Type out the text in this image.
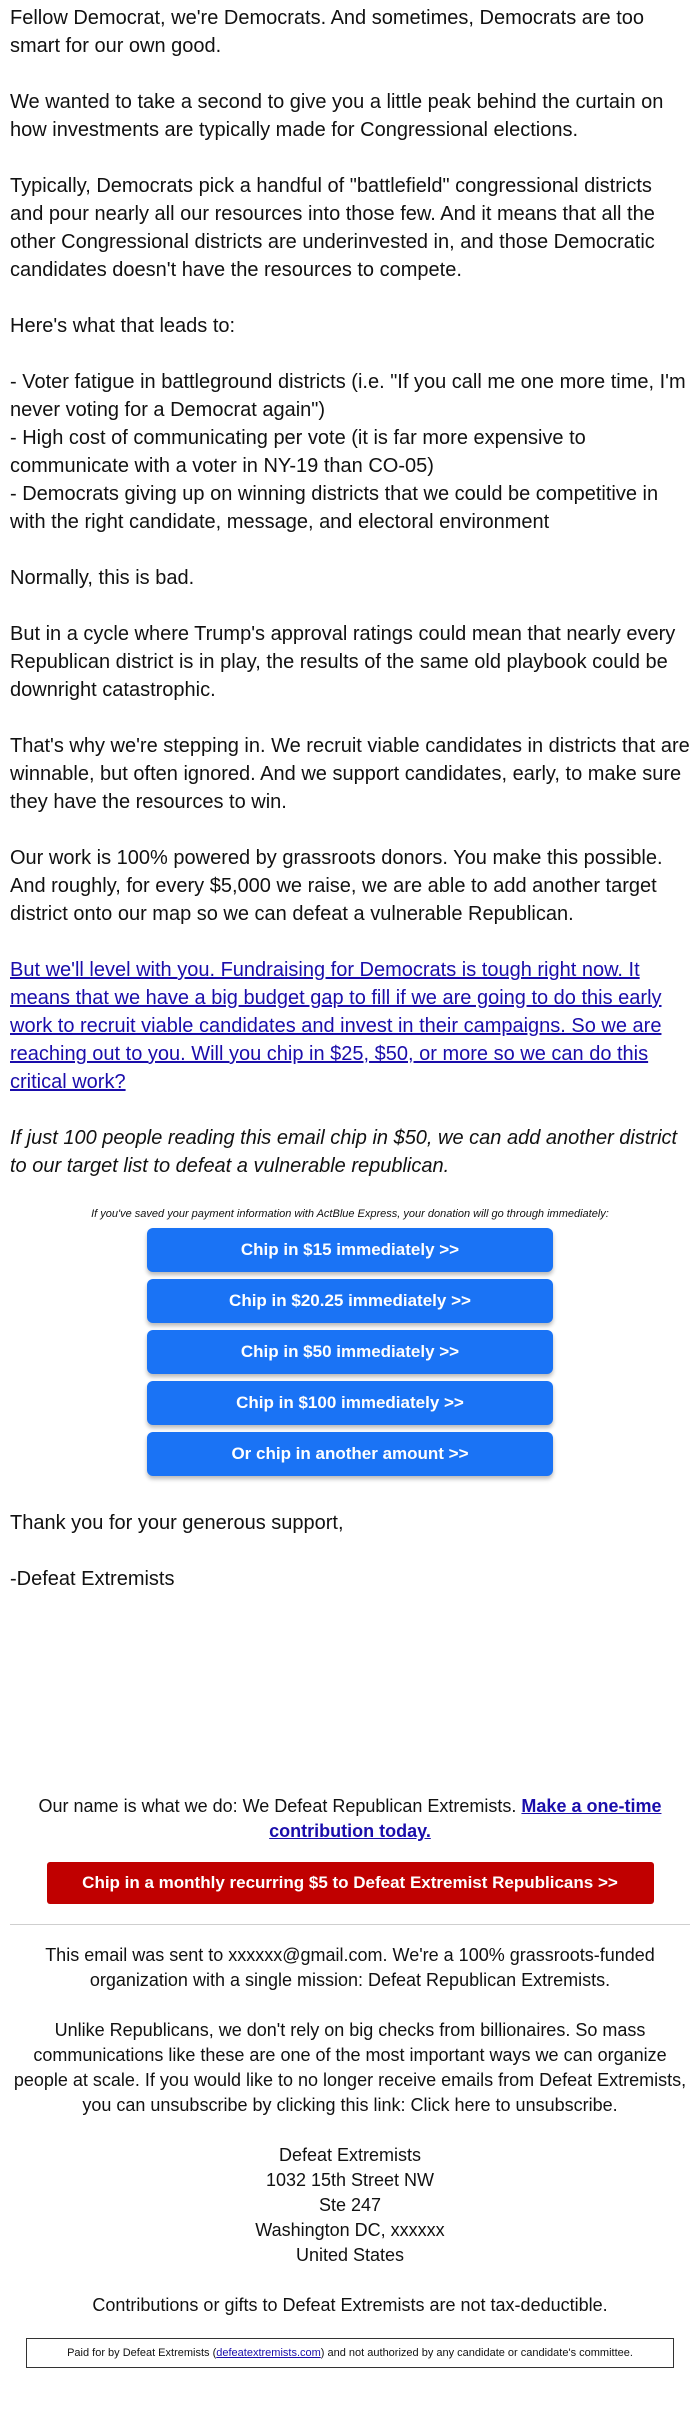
Fellow Democrat, we're Democrats. And sometimes, Democrats are too smart for our own good.

We wanted to take a second to give you a little peak behind the curtain on how investments are typically made for Congressional elections.

Typically, Democrats pick a handful of "battlefield" congressional districts and pour nearly all our resources into those few. And it means that all the other Congressional districts are underinvested in, and those Democratic candidates doesn't have the resources to compete.

Here's what that leads to:

- Voter fatigue in battleground districts (i.e. "If you call me one more time, I'm never voting for a Democrat again")
- High cost of communicating per vote (it is far more expensive to communicate with a voter in NY-19 than CO-05)
- Democrats giving up on winning districts that we could be competitive in with the right candidate, message, and electoral environment

Normally, this is bad.

But in a cycle where Trump's approval ratings could mean that nearly every Republican district is in play, the results of the same old playbook could be downright catastrophic.

That's why we're stepping in. We recruit viable candidates in districts that are winnable, but often ignored. And we support candidates, early, to make sure they have the resources to win.

Our work is 100% powered by grassroots donors. You make this possible. And roughly, for every $5,000 we raise, we are able to add another target district onto our map so we can defeat a vulnerable Republican.

But we'll level with you. Fundraising for Democrats is tough right now. It means that we have a big budget gap to fill if we are going to do this early work to recruit viable candidates and invest in their campaigns. So we are reaching out to you. Will you chip in $25, $50, or more so we can do this critical work?

If just 100 people reading this email chip in $50, we can add another district to our target list to defeat a vulnerable republican.

If you've saved your payment information with ActBlue Express, your donation will go through immediately:

Chip in $15 immediately >>
Chip in $20.25 immediately >>
Chip in $50 immediately >>
Chip in $100 immediately >>
Or chip in another amount >>

Thank you for your generous support,

-Defeat Extremists

Our name is what we do: We Defeat Republican Extremists. Make a one-time contribution today.
Chip in a monthly recurring $5 to Defeat Extremist Republicans >>

This email was sent to xxxxxx@gmail.com. We're a 100% grassroots-funded organization with a single mission: Defeat Republican Extremists.

Unlike Republicans, we don't rely on big checks from billionaires. So mass communications like these are one of the most important ways we can organize people at scale. If you would like to no longer receive emails from Defeat Extremists, you can unsubscribe by clicking this link: Click here to unsubscribe.

Defeat Extremists
1032 15th Street NW
Ste 247
Washington DC, xxxxxx
United States

Contributions or gifts to Defeat Extremists are not tax-deductible.

Paid for by Defeat Extremists (defeatextremists.com) and not authorized by any candidate or candidate's committee.
